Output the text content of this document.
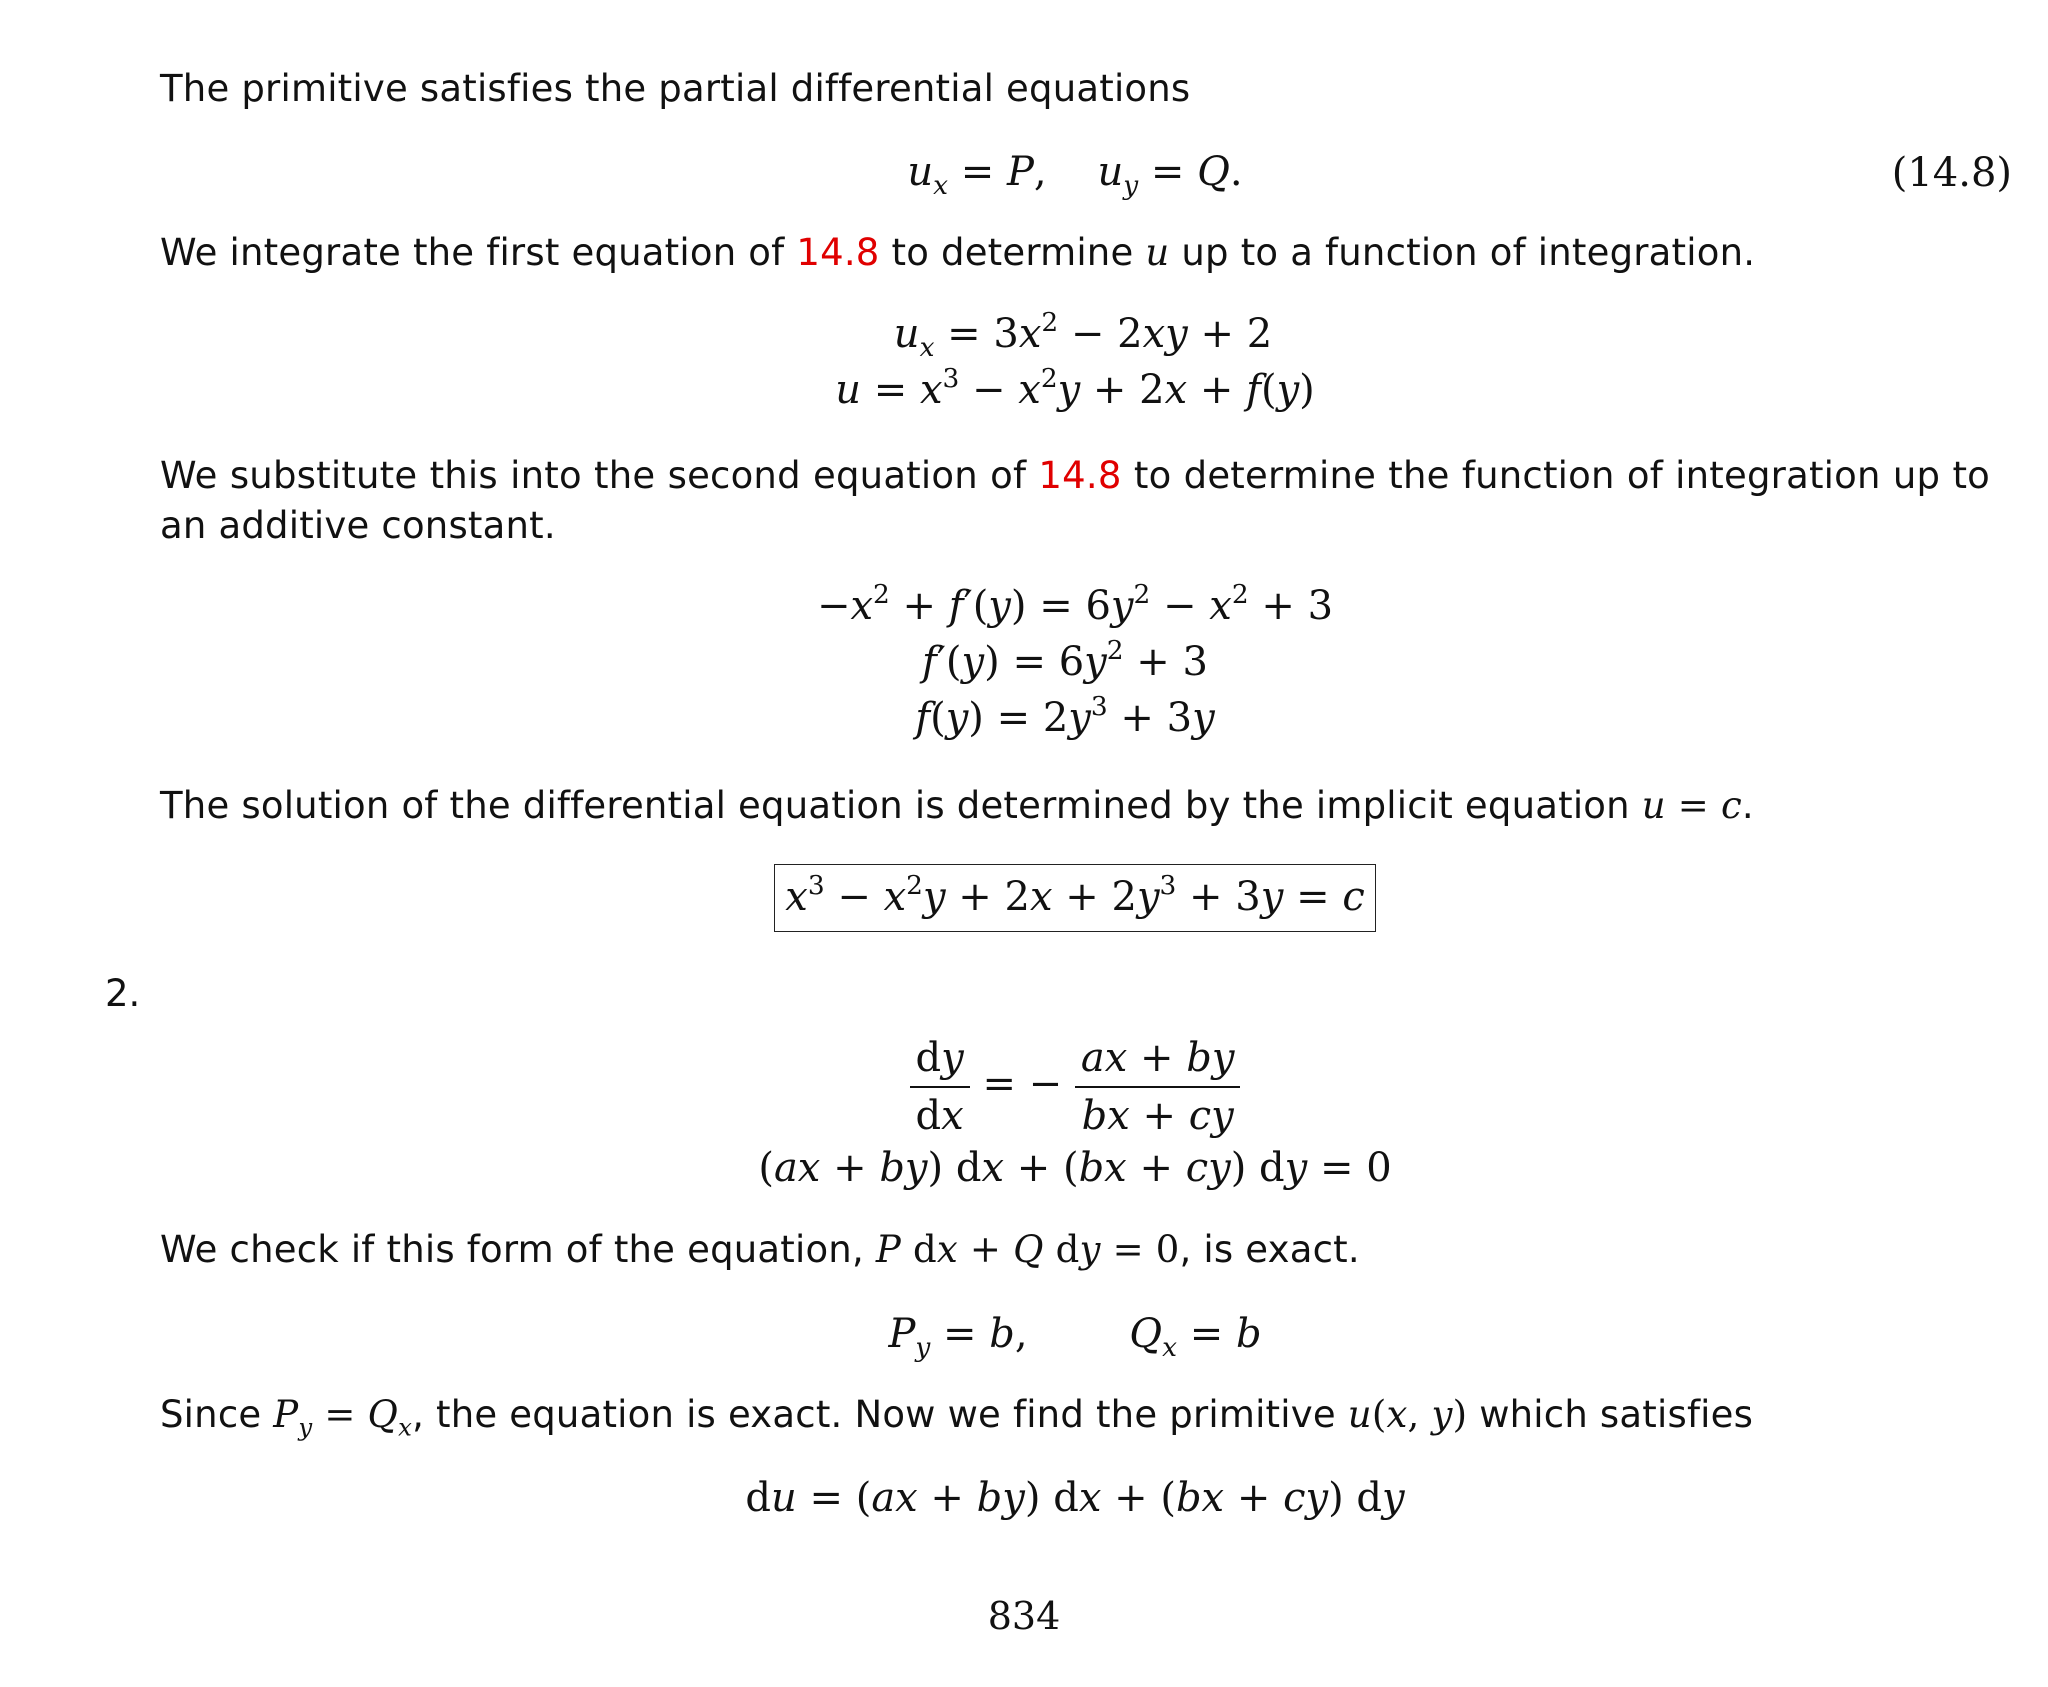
The primitive satisfies the partial differential equations
$u_x = P$,    $u_y = Q$.	(14.8)
We integrate the first equation of 14.8 to determine u up to a function of integration.
$u_x = 3x^2 - 2xy + 2$
$u = x^3 - x^2y + 2x + f(y)$
We substitute this into the second equation of 14.8 to determine the function of integration up to an additive constant.
$-x^2 + f'(y) = 6y^2 - x^2 + 3$
$f'(y) = 6y^2 + 3$
$f(y) = 2y^3 + 3y$
The solution of the differential equation is determined by the implicit equation u = c.
$x^3 - x^2y + 2x + 2y^3 + 3y = c$
2.
$\frac{dy}{dx}$ = − $\frac{ax + by}{bx + cy}$
(ax + by) dx + (bx + cy) dy = 0
We check if this form of the equation, P dx + Q dy = 0, is exact.
$P_y = b$,        $Q_x = b$
Since $P_y = Q_x$, the equation is exact. Now we find the primitive u(x, y) which satisfies
du = (ax + by) dx + (bx + cy) dy
834
